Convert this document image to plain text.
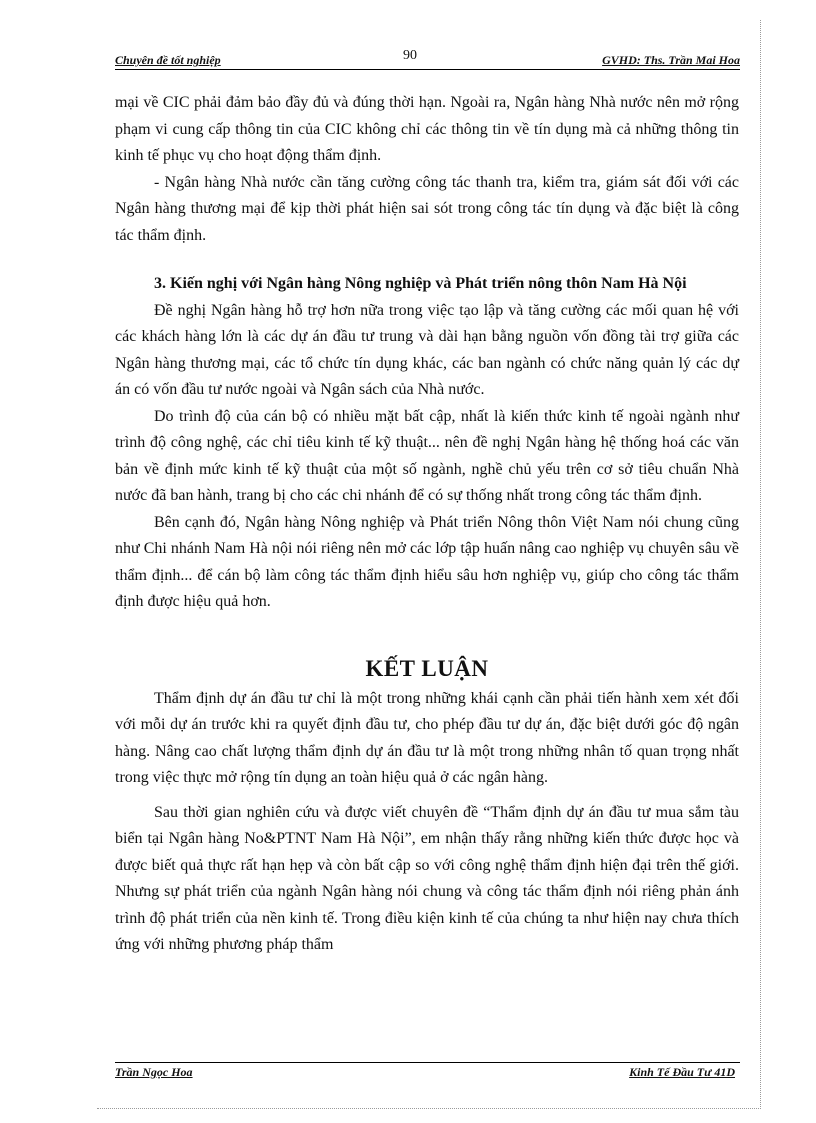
Chuyên đề tốt nghiệp	90	GVHD: Ths. Trần Mai Hoa

mại về CIC phải đảm bảo đầy đủ và đúng thời hạn. Ngoài ra, Ngân hàng Nhà nước nên mở rộng phạm vi cung cấp thông tin của CIC không chỉ các thông tin về tín dụng mà cả những thông tin kinh tế phục vụ cho hoạt động thẩm định.

- Ngân hàng Nhà nước cần tăng cường công tác thanh tra, kiểm tra, giám sát đối với các Ngân hàng thương mại để kịp thời phát hiện sai sót trong công tác tín dụng và đặc biệt là công tác thẩm định.

3. Kiến nghị với Ngân hàng Nông nghiệp và Phát triển nông thôn Nam Hà Nội

Đề nghị Ngân hàng hỗ trợ hơn nữa trong việc tạo lập và tăng cường các mối quan hệ với các khách hàng lớn là các dự án đầu tư trung và dài hạn bằng nguồn vốn đồng tài trợ giữa các Ngân hàng thương mại, các tổ chức tín dụng khác, các ban ngành có chức năng quản lý các dự án có vốn đầu tư nước ngoài và Ngân sách của Nhà nước.

Do trình độ của cán bộ có nhiều mặt bất cập, nhất là kiến thức kinh tế ngoài ngành như trình độ công nghệ, các chỉ tiêu kinh tế kỹ thuật... nên đề nghị Ngân hàng hệ thống hoá các văn bản về định mức kinh tế kỹ thuật của một số ngành, nghề chủ yếu trên cơ sở tiêu chuẩn Nhà nước đã ban hành, trang bị cho các chi nhánh để có sự thống nhất trong công tác thẩm định.

Bên cạnh đó, Ngân hàng Nông nghiệp và Phát triển Nông thôn Việt Nam nói chung cũng như Chi nhánh Nam Hà nội nói riêng nên mở các lớp tập huấn nâng cao nghiệp vụ chuyên sâu về thẩm định... để cán bộ làm công tác thẩm định hiểu sâu hơn nghiệp vụ, giúp cho công tác thẩm định được hiệu quả hơn.

KẾT LUẬN

Thẩm định dự án đầu tư chỉ là một trong những khái cạnh cần phải tiến hành xem xét đối với mỗi dự án trước khi ra quyết định đầu tư, cho phép đầu tư dự án, đặc biệt dưới góc độ ngân hàng. Nâng cao chất lượng thẩm định dự án đầu tư là một trong những nhân tố quan trọng nhất trong việc thực mở rộng tín dụng an toàn hiệu quả ở các ngân hàng.

Sau thời gian nghiên cứu và được viết chuyên đề “Thẩm định dự án đầu tư mua sắm tàu biển tại Ngân hàng No&PTNT Nam Hà Nội”, em nhận thấy rằng những kiến thức được học và được biết quả thực rất hạn hẹp và còn bất cập so với công nghệ thẩm định hiện đại trên thế giới. Nhưng sự phát triển của ngành Ngân hàng nói chung và công tác thẩm định nói riêng phản ánh trình độ phát triển của nền kinh tế. Trong điều kiện kinh tế của chúng ta như hiện nay chưa thích ứng với những phương pháp thẩm

Trần Ngọc Hoa	Kinh Tế Đầu Tư 41D
